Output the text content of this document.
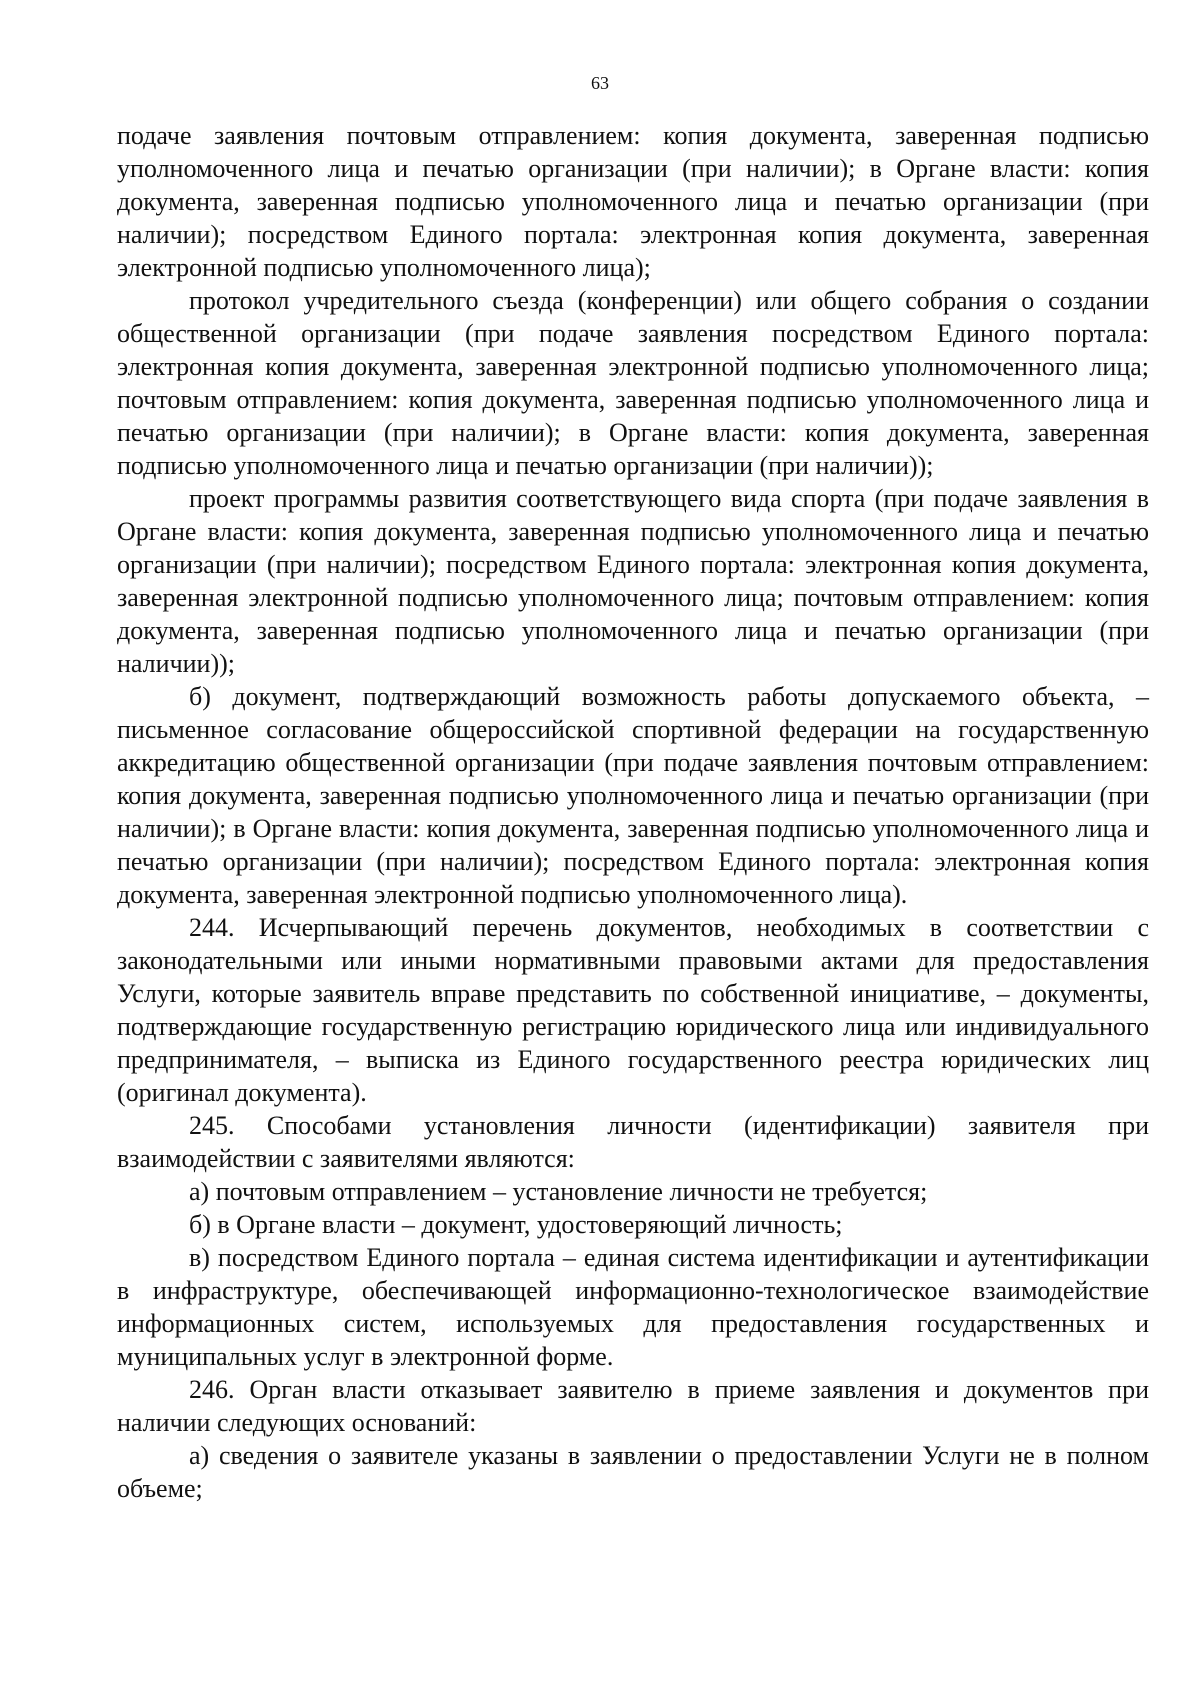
63

подаче заявления почтовым отправлением: копия документа, заверенная подписью уполномоченного лица и печатью организации (при наличии); в Органе власти: копия документа, заверенная подписью уполномоченного лица и печатью организации (при наличии); посредством Единого портала: электронная копия документа, заверенная электронной подписью уполномоченного лица);

протокол учредительного съезда (конференции) или общего собрания о создании общественной организации (при подаче заявления посредством Единого портала: электронная копия документа, заверенная электронной подписью уполномоченного лица; почтовым отправлением: копия документа, заверенная подписью уполномоченного лица и печатью организации (при наличии); в Органе власти: копия документа, заверенная подписью уполномоченного лица и печатью организации (при наличии));

проект программы развития соответствующего вида спорта (при подаче заявления в Органе власти: копия документа, заверенная подписью уполномоченного лица и печатью организации (при наличии); посредством Единого портала: электронная копия документа, заверенная электронной подписью уполномоченного лица; почтовым отправлением: копия документа, заверенная подписью уполномоченного лица и печатью организации (при наличии));

б) документ, подтверждающий возможность работы допускаемого объекта, – письменное согласование общероссийской спортивной федерации на государственную аккредитацию общественной организации (при подаче заявления почтовым отправлением: копия документа, заверенная подписью уполномоченного лица и печатью организации (при наличии); в Органе власти: копия документа, заверенная подписью уполномоченного лица и печатью организации (при наличии); посредством Единого портала: электронная копия документа, заверенная электронной подписью уполномоченного лица).

244. Исчерпывающий перечень документов, необходимых в соответствии с законодательными или иными нормативными правовыми актами для предоставления Услуги, которые заявитель вправе представить по собственной инициативе, – документы, подтверждающие государственную регистрацию юридического лица или индивидуального предпринимателя, – выписка из Единого государственного реестра юридических лиц (оригинал документа).

245. Способами установления личности (идентификации) заявителя при взаимодействии с заявителями являются:

а) почтовым отправлением – установление личности не требуется;

б) в Органе власти – документ, удостоверяющий личность;

в) посредством Единого портала – единая система идентификации и аутентификации в инфраструктуре, обеспечивающей информационно-технологическое взаимодействие информационных систем, используемых для предоставления государственных и муниципальных услуг в электронной форме.

246. Орган власти отказывает заявителю в приеме заявления и документов при наличии следующих оснований:

а) сведения о заявителе указаны в заявлении о предоставлении Услуги не в полном объеме;
